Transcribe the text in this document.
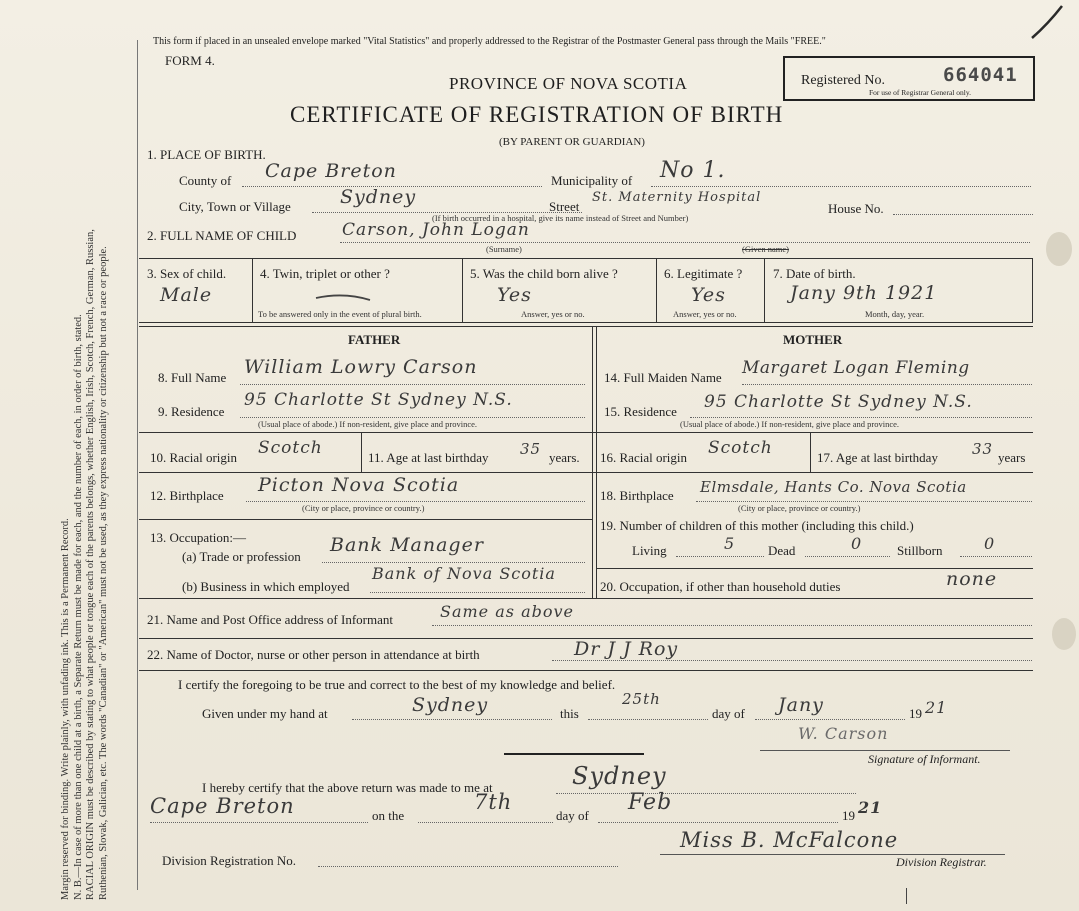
Margin reserved for binding. Write plainly, with unfading ink. This is a Permanent Record. N. B.—In case of more than one child at a birth, a Separate Return must be made for each, and the number of each, in order of birth, stated. RACIAL ORIGIN must be described by stating to what people or tongue each of the parents belongs, whether English, Irish, Scotch, French, German, Russian, Ruthenian, Slovak, Galician, etc. The words "Canadian" or "American" must not be used, as they express nationality or citizenship but not a race or people.
This form if placed in an unsealed envelope marked "Vital Statistics" and properly addressed to the Registrar of the Postmaster General pass through the Mails "FREE."
FORM 4.
PROVINCE OF NOVA SCOTIA
CERTIFICATE OF REGISTRATION OF BIRTH
(BY PARENT OR GUARDIAN)
Registered No.	664041
For use of Registrar General only.
1. PLACE OF BIRTH.
County of Cape Breton	Municipality of No 1.
City, Town or Village	Sydney	Street
St. Maternity Hospital
House No.
(If birth occurred in a hospital, give its name instead of Street and Number)
2. FULL NAME OF CHILD	Carson, John Logan
(Surname)	(Given name)
3. Sex of child.
Male
4. Twin, triplet or other ?
To be answered only in the event of plural birth.
5. Was the child born alive ?
Yes
Answer, yes or no.
6. Legitimate ?
Yes
Answer, yes or no.
7. Date of birth.
Jany 9th 1921
Month, day, year.
FATHER
8. Full Name William Lowry Carson
9. Residence
95 Charlotte St Sydney N.S.
(Usual place of abode.) If non-resident, give place and province.
10. Racial origin Scotch	11. Age at last birthday 35 years.
12. Birthplace Picton Nova Scotia
(City or place, province or country.)
13. Occupation:—
(a) Trade or profession
Bank Manager
(b) Business in which employed
Bank of Nova Scotia
MOTHER
14. Full Maiden Name Margaret Logan Fleming
15. Residence 95 Charlotte St Sydney N.S.
(Usual place of abode.) If non-resident, give place and province.
16. Racial origin Scotch	17. Age at last birthday 33 years
18. Birthplace Elmsdale, Hants Co. Nova Scotia
(City or place, province or country.)
19. Number of children of this mother (including this child.)
Living	5	Dead	0	Stillborn	0
20. Occupation, if other than household duties	none
21. Name and Post Office address of Informant	Same as above
22. Name of Doctor, nurse or other person in attendance at birth	Dr J J Roy
I certify the foregoing to be true and correct to the best of my knowledge and belief.
Given under my hand at	Sydney	this
25th
day of Jany	19 21
W. Carson
Signature of Informant.
I hereby certify that the above return was made to me at	Sydney
Cape Breton	on the
7th
day of
Feb
19 21
Division Registration No.
Miss B. McFalcone
Division Registrar.
